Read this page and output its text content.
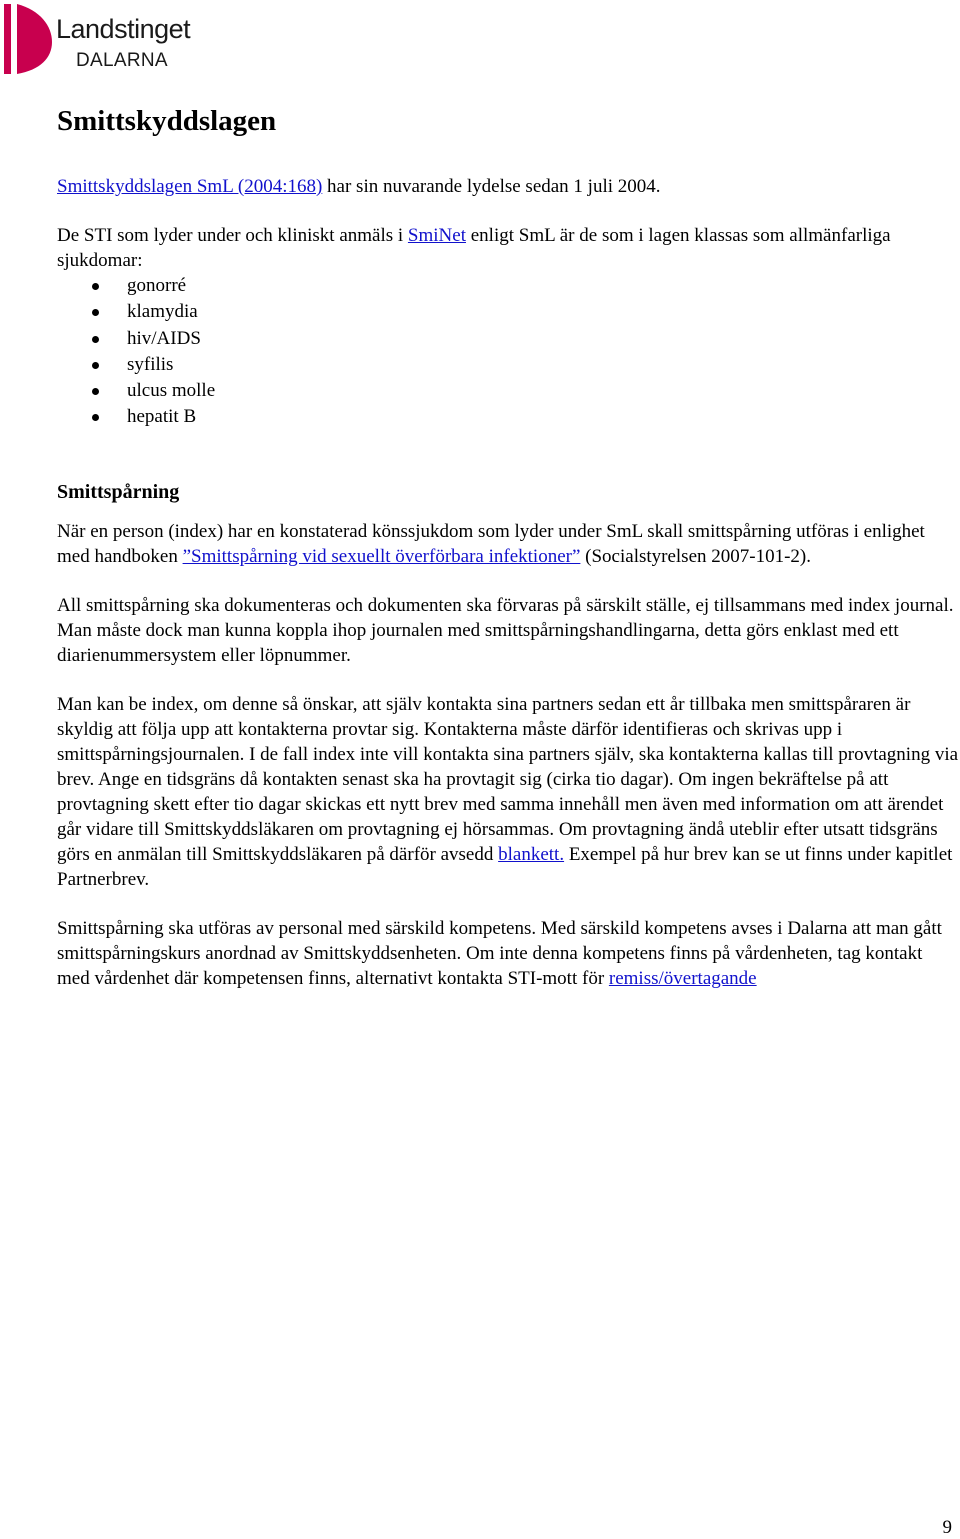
Landstinget
DALARNA
Smittskyddslagen

Smittskyddslagen SmL (2004:168) har sin nuvarande lydelse sedan 1 juli 2004.

De STI som lyder under och kliniskt anmäls i SmiNet enligt SmL är de som i lagen klassas som allmänfarliga sjukdomar:

gonorré
klamydia
hiv/AIDS
syfilis
ulcus molle
hepatit B
Smittspårning

När en person (index) har en konstaterad könssjukdom som lyder under SmL skall smittspårning utföras i enlighet med handboken ”Smittspårning vid sexuellt överförbara infektioner” (Socialstyrelsen 2007-101-2).

All smittspårning ska dokumenteras och dokumenten ska förvaras på särskilt ställe, ej tillsammans med index journal. Man måste dock man kunna koppla ihop journalen med smittspårningshandlingarna, detta görs enklast med ett diarienummersystem eller löpnummer.

Man kan be index, om denne så önskar, att själv kontakta sina partners sedan ett år tillbaka men smittspåraren är skyldig att följa upp att kontakterna provtar sig. Kontakterna måste därför identifieras och skrivas upp i smittspårningsjournalen. I de fall index inte vill kontakta sina partners själv, ska kontakterna kallas till provtagning via brev. Ange en tidsgräns då kontakten senast ska ha provtagit sig (cirka tio dagar). Om ingen bekräftelse på att provtagning skett efter tio dagar skickas ett nytt brev med samma innehåll men även med information om att ärendet går vidare till Smittskyddsläkaren om provtagning ej hörsammas. Om provtagning ändå uteblir efter utsatt tidsgräns görs en anmälan till Smittskyddsläkaren på därför avsedd blankett. Exempel på hur brev kan se ut finns under kapitlet Partnerbrev.

Smittspårning ska utföras av personal med särskild kompetens. Med särskild kompetens avses i Dalarna att man gått smittspårningskurs anordnad av Smittskyddsenheten. Om inte denna kompetens finns på vårdenheten, tag kontakt med vårdenhet där kompetensen finns, alternativt kontakta STI-mott för remiss/övertagande

9
